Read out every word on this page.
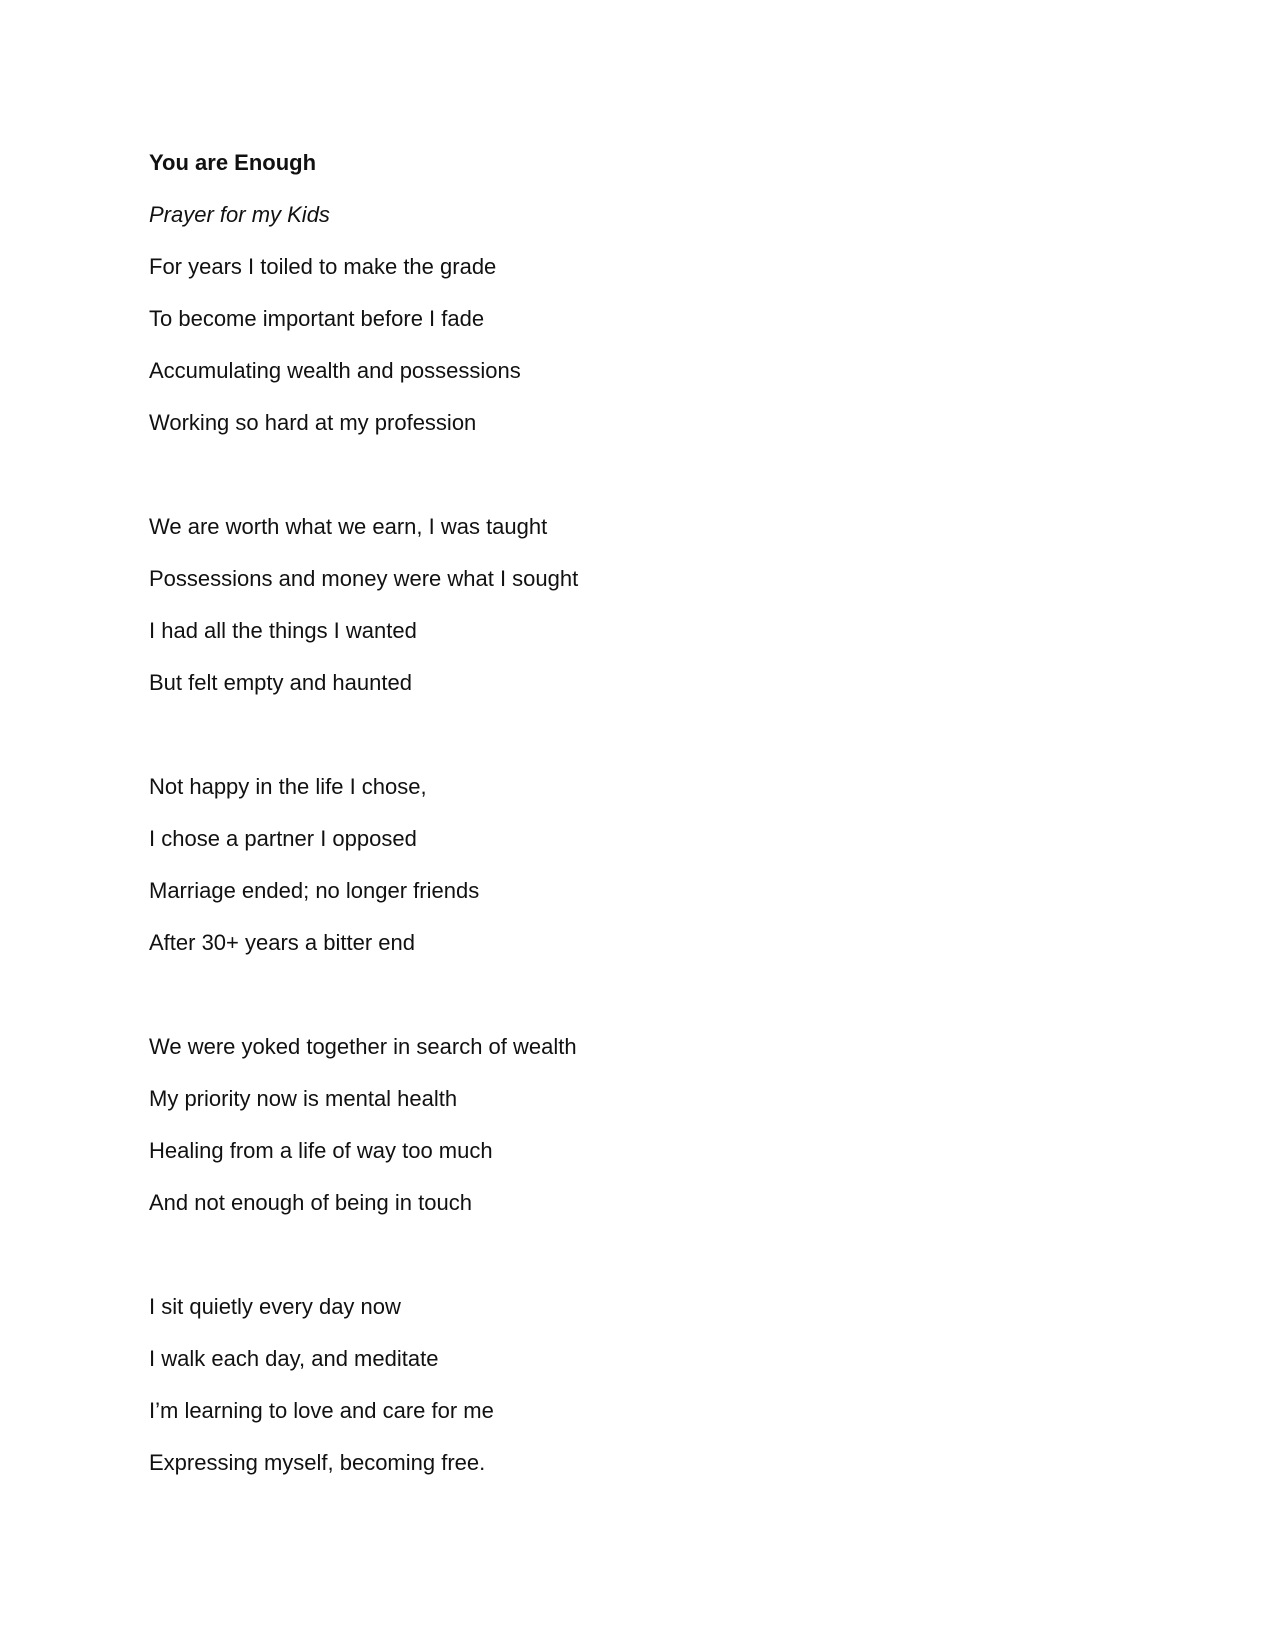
You are Enough
Prayer for my Kids
For years I toiled to make the grade
To become important before I fade
Accumulating wealth and possessions
Working so hard at my profession
We are worth what we earn, I was taught
Possessions and money were what I sought
I had all the things I wanted
But felt empty and haunted
Not happy in the life I chose,
I chose a partner I opposed
Marriage ended; no longer friends
After 30+ years a bitter end
We were yoked together in search of wealth
My priority now is mental health
Healing from a life of way too much
And not enough of being in touch
I sit quietly every day now
I walk each day, and meditate
I’m learning to love and care for me
Expressing myself, becoming free.
